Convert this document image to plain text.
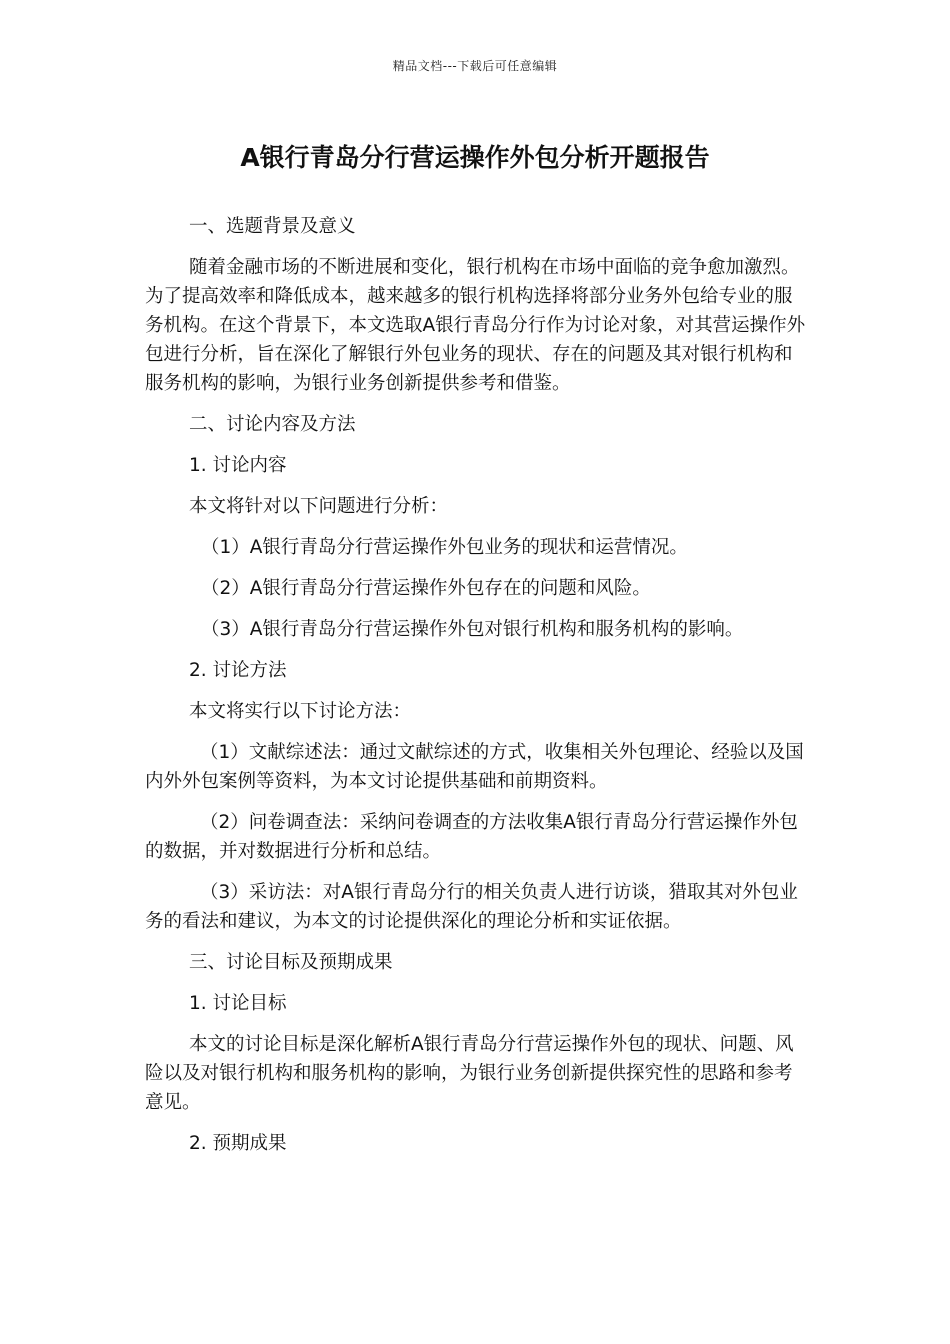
精品文档---下载后可任意编辑
A银行青岛分行营运操作外包分析开题报告

一、选题背景及意义

随着金融市场的不断进展和变化，银行机构在市场中面临的竞争愈加激烈。为了提高效率和降低成本，越来越多的银行机构选择将部分业务外包给专业的服务机构。在这个背景下，本文选取A银行青岛分行作为讨论对象，对其营运操作外包进行分析，旨在深化了解银行外包业务的现状、存在的问题及其对银行机构和服务机构的影响，为银行业务创新提供参考和借鉴。

二、讨论内容及方法

1. 讨论内容

本文将针对以下问题进行分析：

（1）A银行青岛分行营运操作外包业务的现状和运营情况。

（2）A银行青岛分行营运操作外包存在的问题和风险。

（3）A银行青岛分行营运操作外包对银行机构和服务机构的影响。

2. 讨论方法

本文将实行以下讨论方法：

（1）文献综述法：通过文献综述的方式，收集相关外包理论、经验以及国内外外包案例等资料，为本文讨论提供基础和前期资料。

（2）问卷调查法：采纳问卷调查的方法收集A银行青岛分行营运操作外包的数据，并对数据进行分析和总结。

（3）采访法：对A银行青岛分行的相关负责人进行访谈，猎取其对外包业务的看法和建议，为本文的讨论提供深化的理论分析和实证依据。

三、讨论目标及预期成果

1. 讨论目标

本文的讨论目标是深化解析A银行青岛分行营运操作外包的现状、问题、风险以及对银行机构和服务机构的影响，为银行业务创新提供探究性的思路和参考意见。

2. 预期成果
